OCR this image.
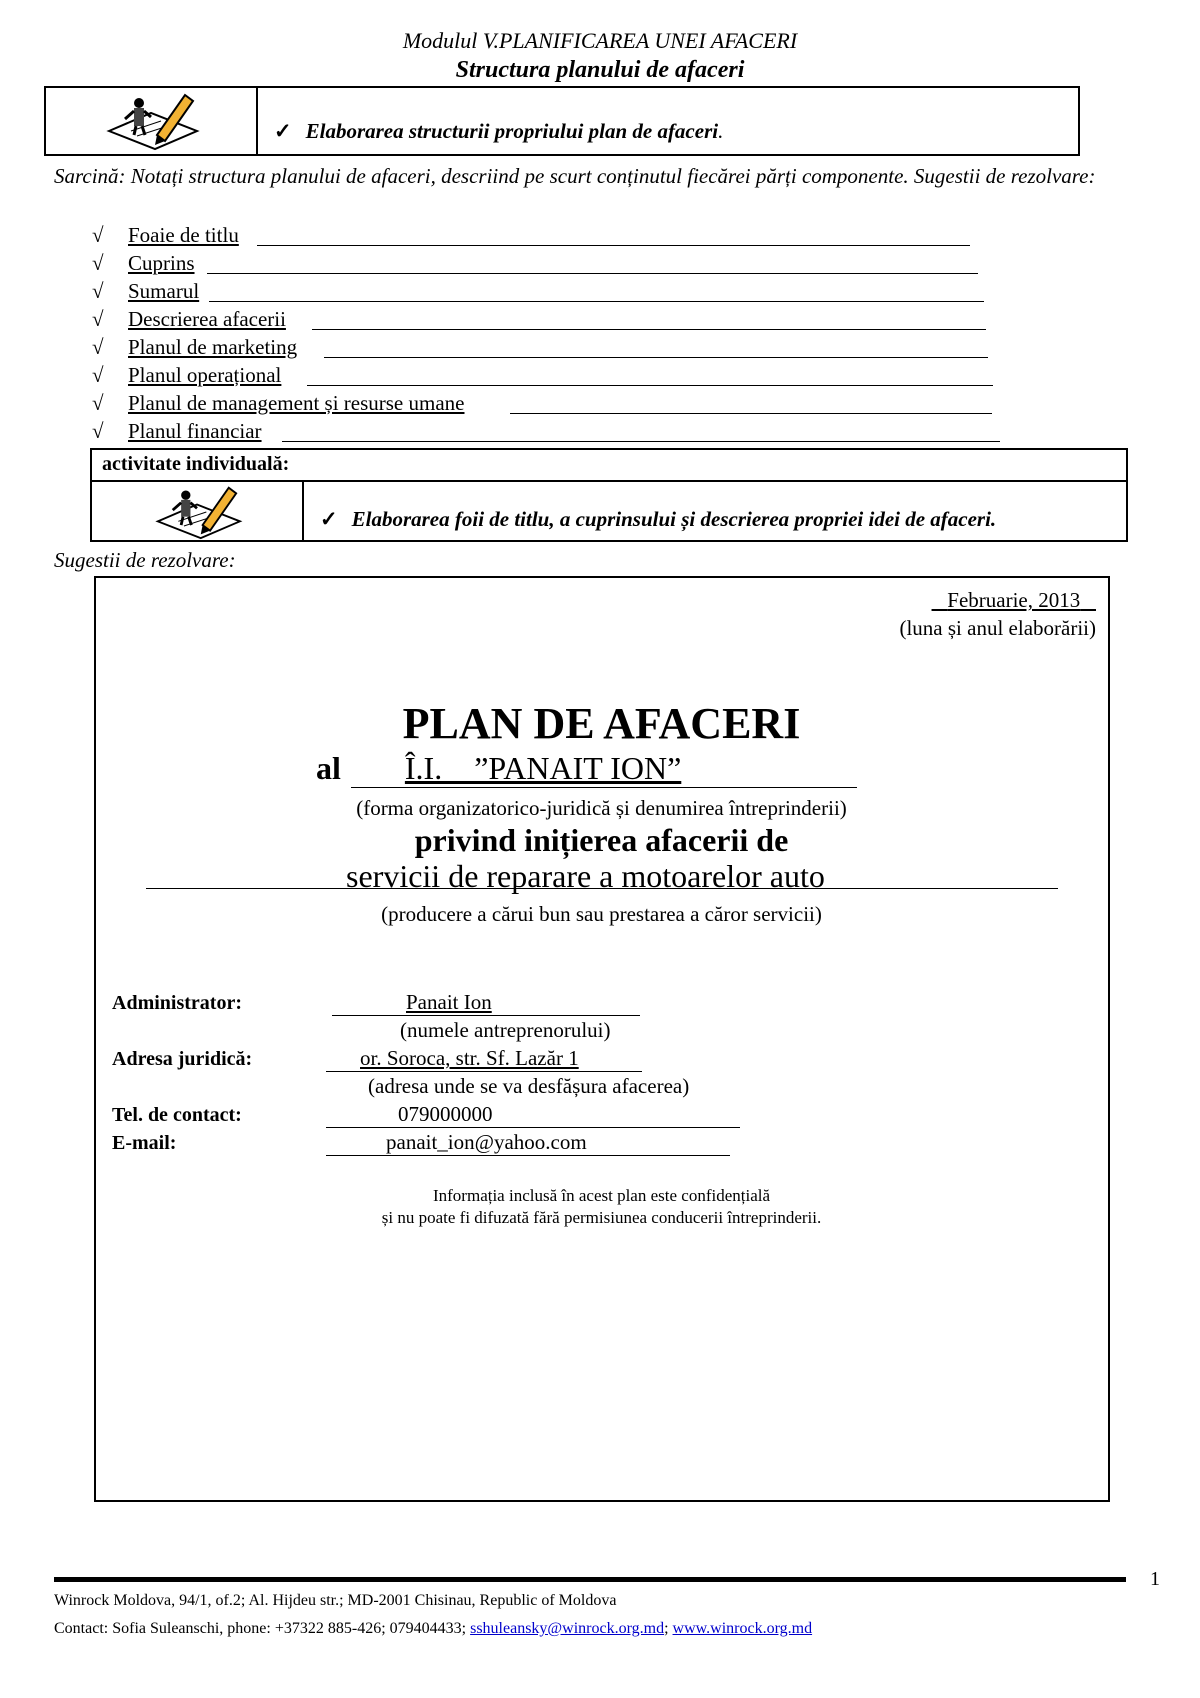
Modulul V.PLANIFICAREA UNEI AFACERI
Structura planului de afaceri
✓ Elaborarea structurii propriului plan de afaceri .
Sarcină: Notați structura planului de afaceri, descriind pe scurt conținutul fiecărei părți componente. Sugestii de rezolvare:
√ Foaie de titlu
√ Cuprins
√ Sumarul
√ Descrierea afacerii
√ Planul de marketing
√ Planul operațional
√ Planul de management și resurse umane
√ Planul financiar
activitate individuală:
✓ Elaborarea foii de titlu, a cuprinsului și descrierea propriei idei de afaceri.
Sugestii de rezolvare:
Februarie, 2013
(luna și anul elaborării)
PLAN DE AFACERI
al Î.I.    ”PANAIT ION”
(forma organizatorico-juridică și denumirea întreprinderii)
privind inițierea afacerii de
servicii de reparare a motoarelor auto
(producere a cărui bun sau prestarea a căror servicii)
Administrator:	Panait Ion
(numele antreprenorului)
Adresa juridică:	or. Soroca, str. Sf. Lazăr 1
(adresa unde se va desfășura afacerea)
Tel. de contact:	079000000
E-mail:	panait_ion@yahoo.com
Informația inclusă în acest plan este confidențială
și nu poate fi difuzată fără permisiunea conducerii întreprinderii.
1
Winrock Moldova, 94/1, of.2; Al. Hijdeu str.; MD-2001 Chisinau, Republic of Moldova
Contact: Sofia Suleanschi, phone: +37322 885-426; 079404433; sshuleansky@winrock.org.md; www.winrock.org.md
